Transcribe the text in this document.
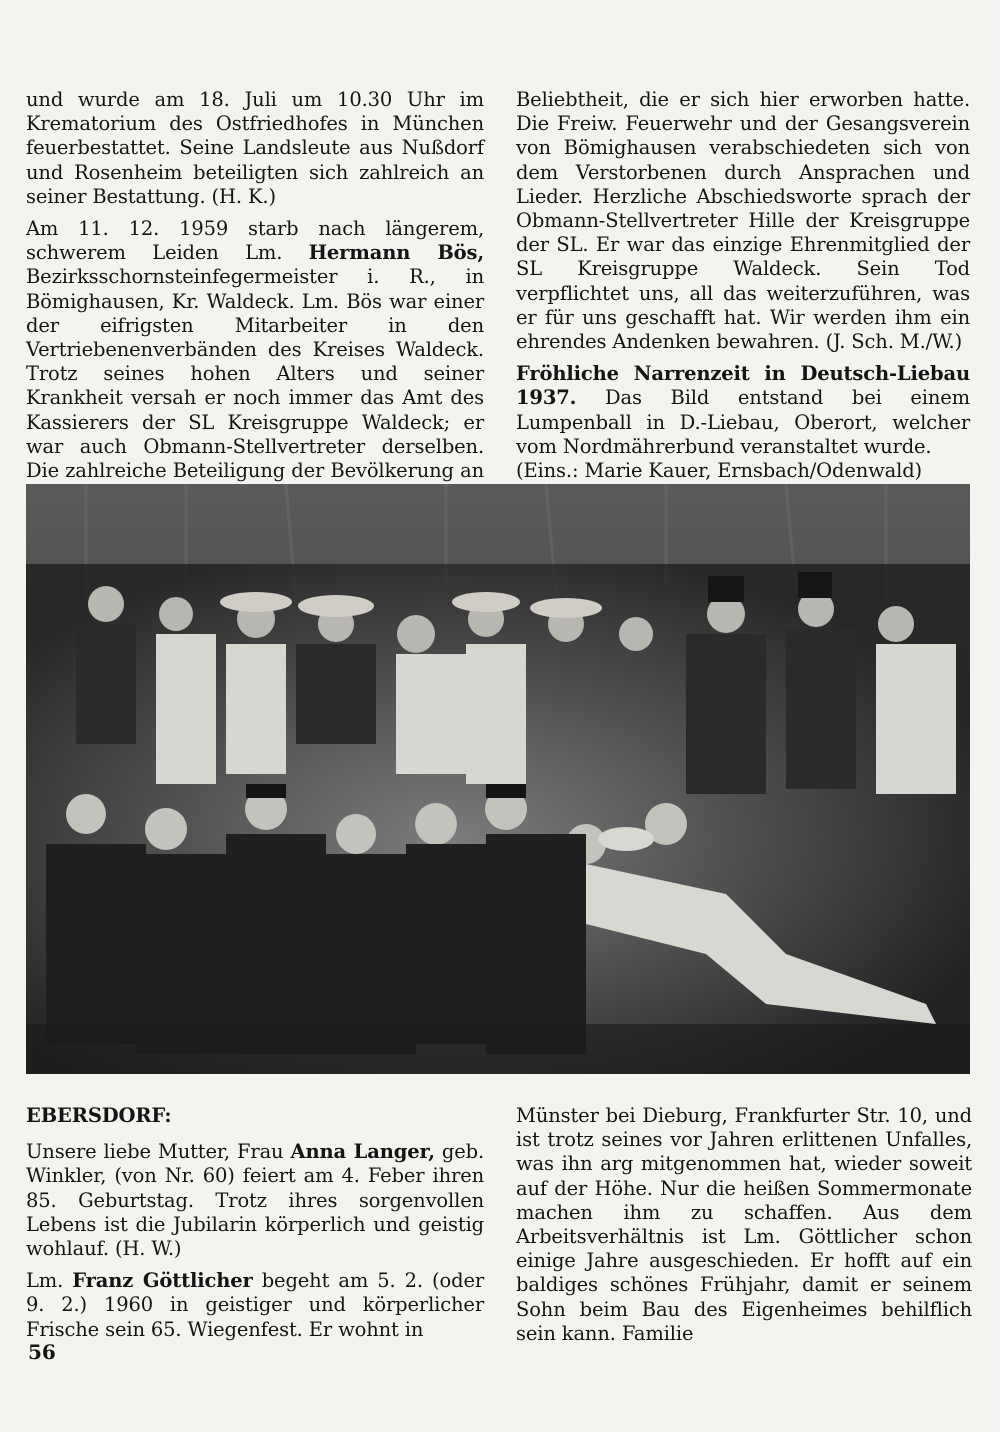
und wurde am 18. Juli um 10.30 Uhr im Krematorium des Ostfriedhofes in München feuerbestattet. Seine Landsleute aus Nußdorf und Rosenheim beteiligten sich zahlreich an seiner Bestattung. (H. K.)

Am 11. 12. 1959 starb nach längerem, schwerem Leiden Lm. Hermann Bös, Bezirksschornsteinfegermeister i. R., in Bömighausen, Kr. Waldeck. Lm. Bös war einer der eifrigsten Mitarbeiter in den Vertriebenenverbänden des Kreises Waldeck. Trotz seines hohen Alters und seiner Krankheit versah er noch immer das Amt des Kassierers der SL Kreisgruppe Waldeck; er war auch Obmann-Stellvertreter derselben. Die zahlreiche Beteiligung der Bevölkerung an

Beliebtheit, die er sich hier erworben hatte. Die Freiw. Feuerwehr und der Gesangsverein von Bömighausen verabschiedeten sich von dem Verstorbenen durch Ansprachen und Lieder. Herzliche Abschiedsworte sprach der Obmann-Stellvertreter Hille der Kreisgruppe der SL. Er war das einzige Ehrenmitglied der SL Kreisgruppe Waldeck. Sein Tod verpflichtet uns, all das weiterzuführen, was er für uns geschafft hat. Wir werden ihm ein ehrendes Andenken bewahren. (J. Sch. M./W.)

Fröhliche Narrenzeit in Deutsch-Liebau 1937. Das Bild entstand bei einem Lumpenball in D.-Liebau, Oberort, welcher vom Nordmährerbund veranstaltet wurde.

(Eins.: Marie Kauer, Ernsbach/Odenwald)

EBERSDORF:

Unsere liebe Mutter, Frau Anna Langer, geb. Winkler, (von Nr. 60) feiert am 4. Feber ihren 85. Geburtstag. Trotz ihres sorgenvollen Lebens ist die Jubilarin körperlich und geistig wohlauf. (H. W.)

Lm. Franz Göttlicher begeht am 5. 2. (oder 9. 2.) 1960 in geistiger und körperlicher Frische sein 65. Wiegenfest. Er wohnt in

Münster bei Dieburg, Frankfurter Str. 10, und ist trotz seines vor Jahren erlittenen Unfalles, was ihn arg mitgenommen hat, wieder soweit auf der Höhe. Nur die heißen Sommermonate machen ihm zu schaffen. Aus dem Arbeitsverhältnis ist Lm. Göttlicher schon einige Jahre ausgeschieden. Er hofft auf ein baldiges schönes Frühjahr, damit er seinem Sohn beim Bau des Eigenheimes behilflich sein kann. Familie

56
